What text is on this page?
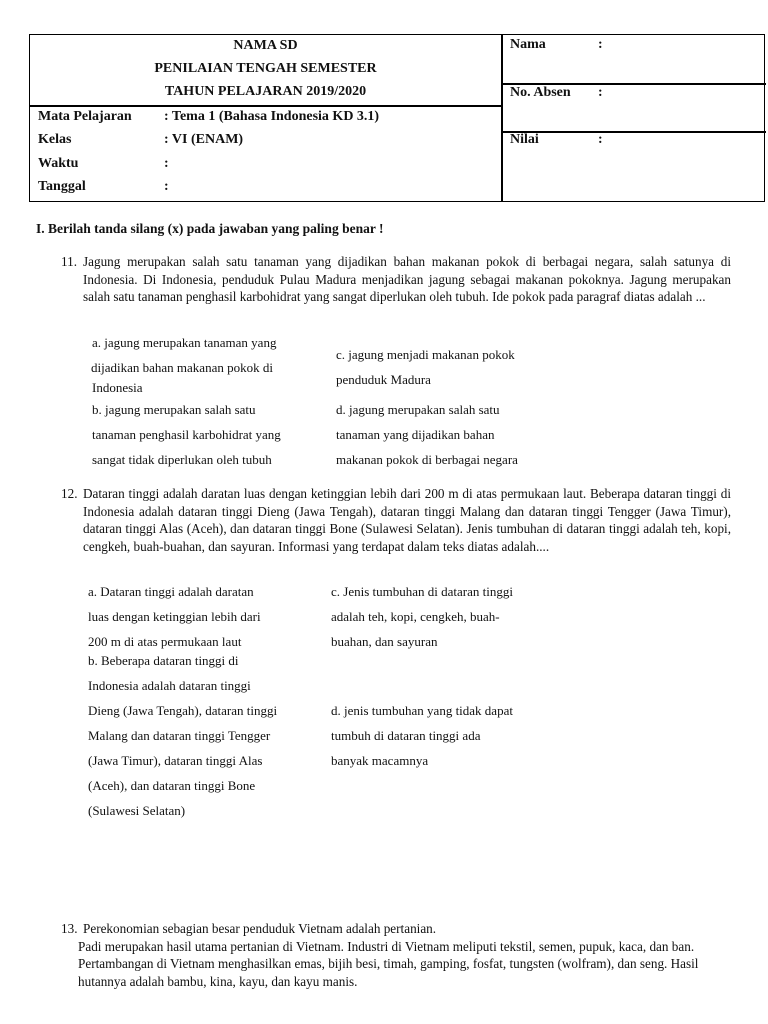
NAMA SD
PENILAIAN TENGAH SEMESTER
TAHUN PELAJARAN 2019/2020
Mata Pelajaran : Tema 1 (Bahasa Indonesia KD 3.1)
Kelas	: VI (ENAM)
Waktu	:
Tanggal	:
Nama	:
No. Absen :
Nilai	:
I. Berilah tanda silang (x) pada jawaban yang paling benar !
11. Jagung merupakan salah satu tanaman yang dijadikan bahan makanan pokok di berbagai negara, salah satunya di Indonesia. Di Indonesia, penduduk Pulau Madura menjadikan jagung sebagai makanan pokoknya. Jagung merupakan salah satu tanaman penghasil karbohidrat yang sangat diperlukan oleh tubuh. Ide pokok pada paragraf diatas adalah ...
a. jagung merupakan tanaman yang
dijadikan bahan makanan pokok di
Indonesia
c. jagung menjadi makanan pokok
penduduk Madura
b. jagung merupakan salah satu
tanaman penghasil karbohidrat yang
sangat tidak diperlukan oleh tubuh
d. jagung merupakan salah satu
tanaman yang dijadikan bahan
makanan pokok di berbagai negara
12. Dataran tinggi adalah daratan luas dengan ketinggian lebih dari 200 m di atas permukaan laut. Beberapa dataran tinggi di Indonesia adalah dataran tinggi Dieng (Jawa Tengah), dataran tinggi Malang dan dataran tinggi Tengger (Jawa Timur), dataran tinggi Alas (Aceh), dan dataran tinggi Bone (Sulawesi Selatan). Jenis tumbuhan di dataran tinggi adalah teh, kopi, cengkeh, buah-buahan, dan sayuran. Informasi yang terdapat dalam teks diatas adalah....
a. Dataran tinggi adalah daratan
luas dengan ketinggian lebih dari
200 m di atas permukaan laut
c. Jenis tumbuhan di dataran tinggi
adalah teh, kopi, cengkeh, buah-
buahan, dan sayuran
b. Beberapa dataran tinggi di
Indonesia adalah dataran tinggi
Dieng (Jawa Tengah), dataran tinggi
Malang dan dataran tinggi Tengger
(Jawa Timur), dataran tinggi Alas
(Aceh), dan dataran tinggi Bone
(Sulawesi Selatan)
d. jenis tumbuhan yang tidak dapat
tumbuh di dataran tinggi ada
banyak macamnya
13. Perekonomian sebagian besar penduduk Vietnam adalah pertanian.
Padi merupakan hasil utama pertanian di Vietnam. Industri di Vietnam meliputi tekstil, semen, pupuk, kaca, dan ban. Pertambangan di Vietnam menghasilkan emas, bijih besi, timah, gamping, fosfat, tungsten (wolfram), dan seng. Hasil hutannya adalah bambu, kina, kayu, dan kayu manis.
